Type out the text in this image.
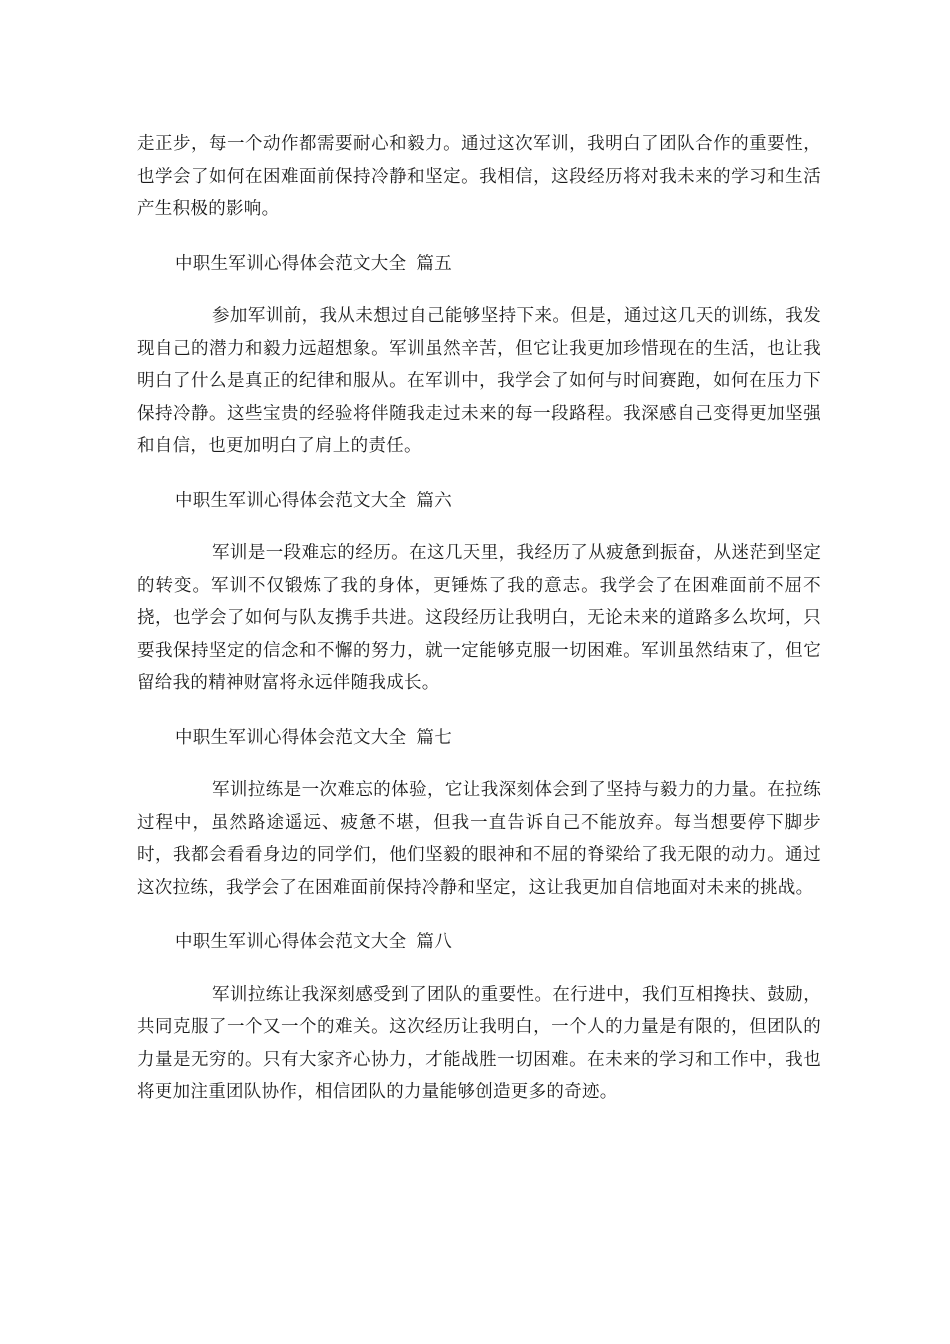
走正步，每一个动作都需要耐心和毅力。通过这次军训，我明白了团队合作的重要性，也学会了如何在困难面前保持冷静和坚定。我相信，这段经历将对我未来的学习和生活产生积极的影响。

中职生军训心得体会范文大全 篇五

参加军训前，我从未想过自己能够坚持下来。但是，通过这几天的训练，我发现自己的潜力和毅力远超想象。军训虽然辛苦，但它让我更加珍惜现在的生活，也让我明白了什么是真正的纪律和服从。在军训中，我学会了如何与时间赛跑，如何在压力下保持冷静。这些宝贵的经验将伴随我走过未来的每一段路程。我深感自己变得更加坚强和自信，也更加明白了肩上的责任。

中职生军训心得体会范文大全 篇六

军训是一段难忘的经历。在这几天里，我经历了从疲惫到振奋，从迷茫到坚定的转变。军训不仅锻炼了我的身体，更锤炼了我的意志。我学会了在困难面前不屈不挠，也学会了如何与队友携手共进。这段经历让我明白，无论未来的道路多么坎坷，只要我保持坚定的信念和不懈的努力，就一定能够克服一切困难。军训虽然结束了，但它留给我的精神财富将永远伴随我成长。

中职生军训心得体会范文大全 篇七

军训拉练是一次难忘的体验，它让我深刻体会到了坚持与毅力的力量。在拉练过程中，虽然路途遥远、疲惫不堪，但我一直告诉自己不能放弃。每当想要停下脚步时，我都会看看身边的同学们，他们坚毅的眼神和不屈的脊梁给了我无限的动力。通过这次拉练，我学会了在困难面前保持冷静和坚定，这让我更加自信地面对未来的挑战。

中职生军训心得体会范文大全 篇八

军训拉练让我深刻感受到了团队的重要性。在行进中，我们互相搀扶、鼓励，共同克服了一个又一个的难关。这次经历让我明白，一个人的力量是有限的，但团队的力量是无穷的。只有大家齐心协力，才能战胜一切困难。在未来的学习和工作中，我也将更加注重团队协作，相信团队的力量能够创造更多的奇迹。
